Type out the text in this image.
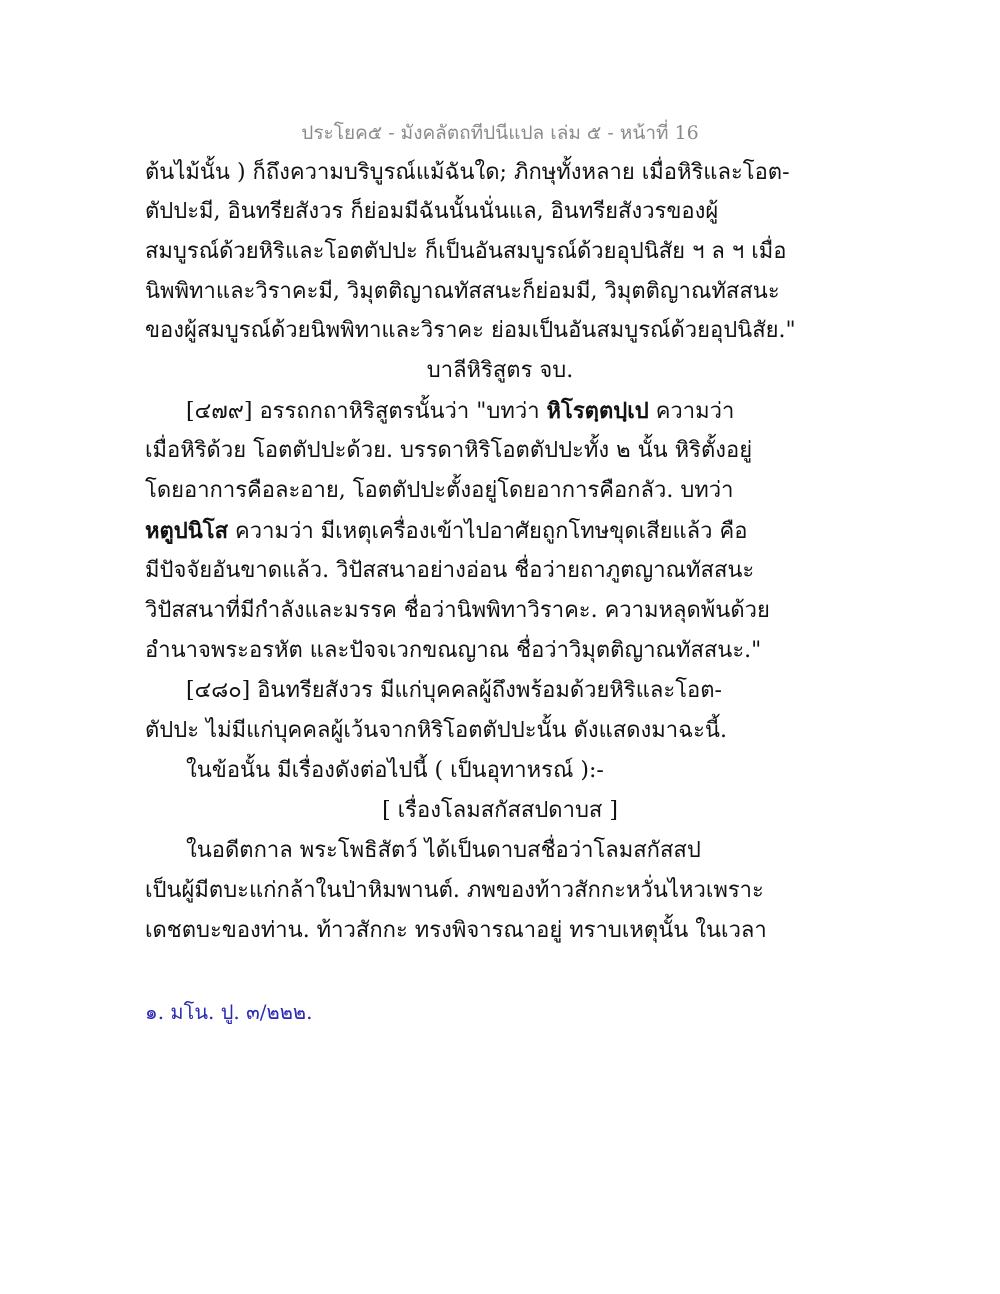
ประโยค๕ - มังคลัตถทีปนีแปล เล่ม ๕ - หน้าที่ 16
ต้นไม้นั้น ) ก็ถึงความบริบูรณ์แม้ฉันใด; ภิกษุทั้งหลาย เมื่อหิริและโอต-
ตัปปะมี, อินทรียสังวร ก็ย่อมมีฉันนั้นนั่นแล, อินทรียสังวรของผู้
สมบูรณ์ด้วยหิริและโอตตัปปะ ก็เป็นอันสมบูรณ์ด้วยอุปนิสัย ฯ ล ฯ เมื่อ
นิพพิทาและวิราคะมี, วิมุตติญาณทัสสนะก็ย่อมมี, วิมุตติญาณทัสสนะ
ของผู้สมบูรณ์ด้วยนิพพิทาและวิราคะ ย่อมเป็นอันสมบูรณ์ด้วยอุปนิสัย."
บาลีหิริสูตร จบ.
[๔๗๙] อรรถกถาหิริสูตรนั้นว่า "บทว่า หิโรตฺตปฺเป ความว่า
เมื่อหิริด้วย โอตตัปปะด้วย. บรรดาหิริโอตตัปปะทั้ง ๒ นั้น หิริตั้งอยู่
โดยอาการคือละอาย, โอตตัปปะตั้งอยู่โดยอาการคือกลัว. บทว่า
หตูปนิโส ความว่า มีเหตุเครื่องเข้าไปอาศัยถูกโทษขุดเสียแล้ว คือ
มีปัจจัยอันขาดแล้ว. วิปัสสนาอย่างอ่อน ชื่อว่ายถาภูตญาณทัสสนะ
วิปัสสนาที่มีกำลังและมรรค ชื่อว่านิพพิทาวิราคะ. ความหลุดพ้นด้วย
อำนาจพระอรหัต และปัจจเวกขณญาณ ชื่อว่าวิมุตติญาณทัสสนะ."
[๔๘๐] อินทรียสังวร มีแก่บุคคลผู้ถึงพร้อมด้วยหิริและโอต-
ตัปปะ ไม่มีแก่บุคคลผู้เว้นจากหิริโอตตัปปะนั้น ดังแสดงมาฉะนี้.
ในข้อนั้น มีเรื่องดังต่อไปนี้ ( เป็นอุทาหรณ์ ):-
[ เรื่องโลมสกัสสปดาบส ]
ในอดีตกาล พระโพธิสัตว์ ได้เป็นดาบสชื่อว่าโลมสกัสสป
เป็นผู้มีตบะแก่กล้าในป่าหิมพานต์. ภพของท้าวสักกะหวั่นไหวเพราะ
เดชตบะของท่าน. ท้าวสักกะ ทรงพิจารณาอยู่ ทราบเหตุนั้น ในเวลา
๑. มโน. ปู. ๓/๒๒๒.
